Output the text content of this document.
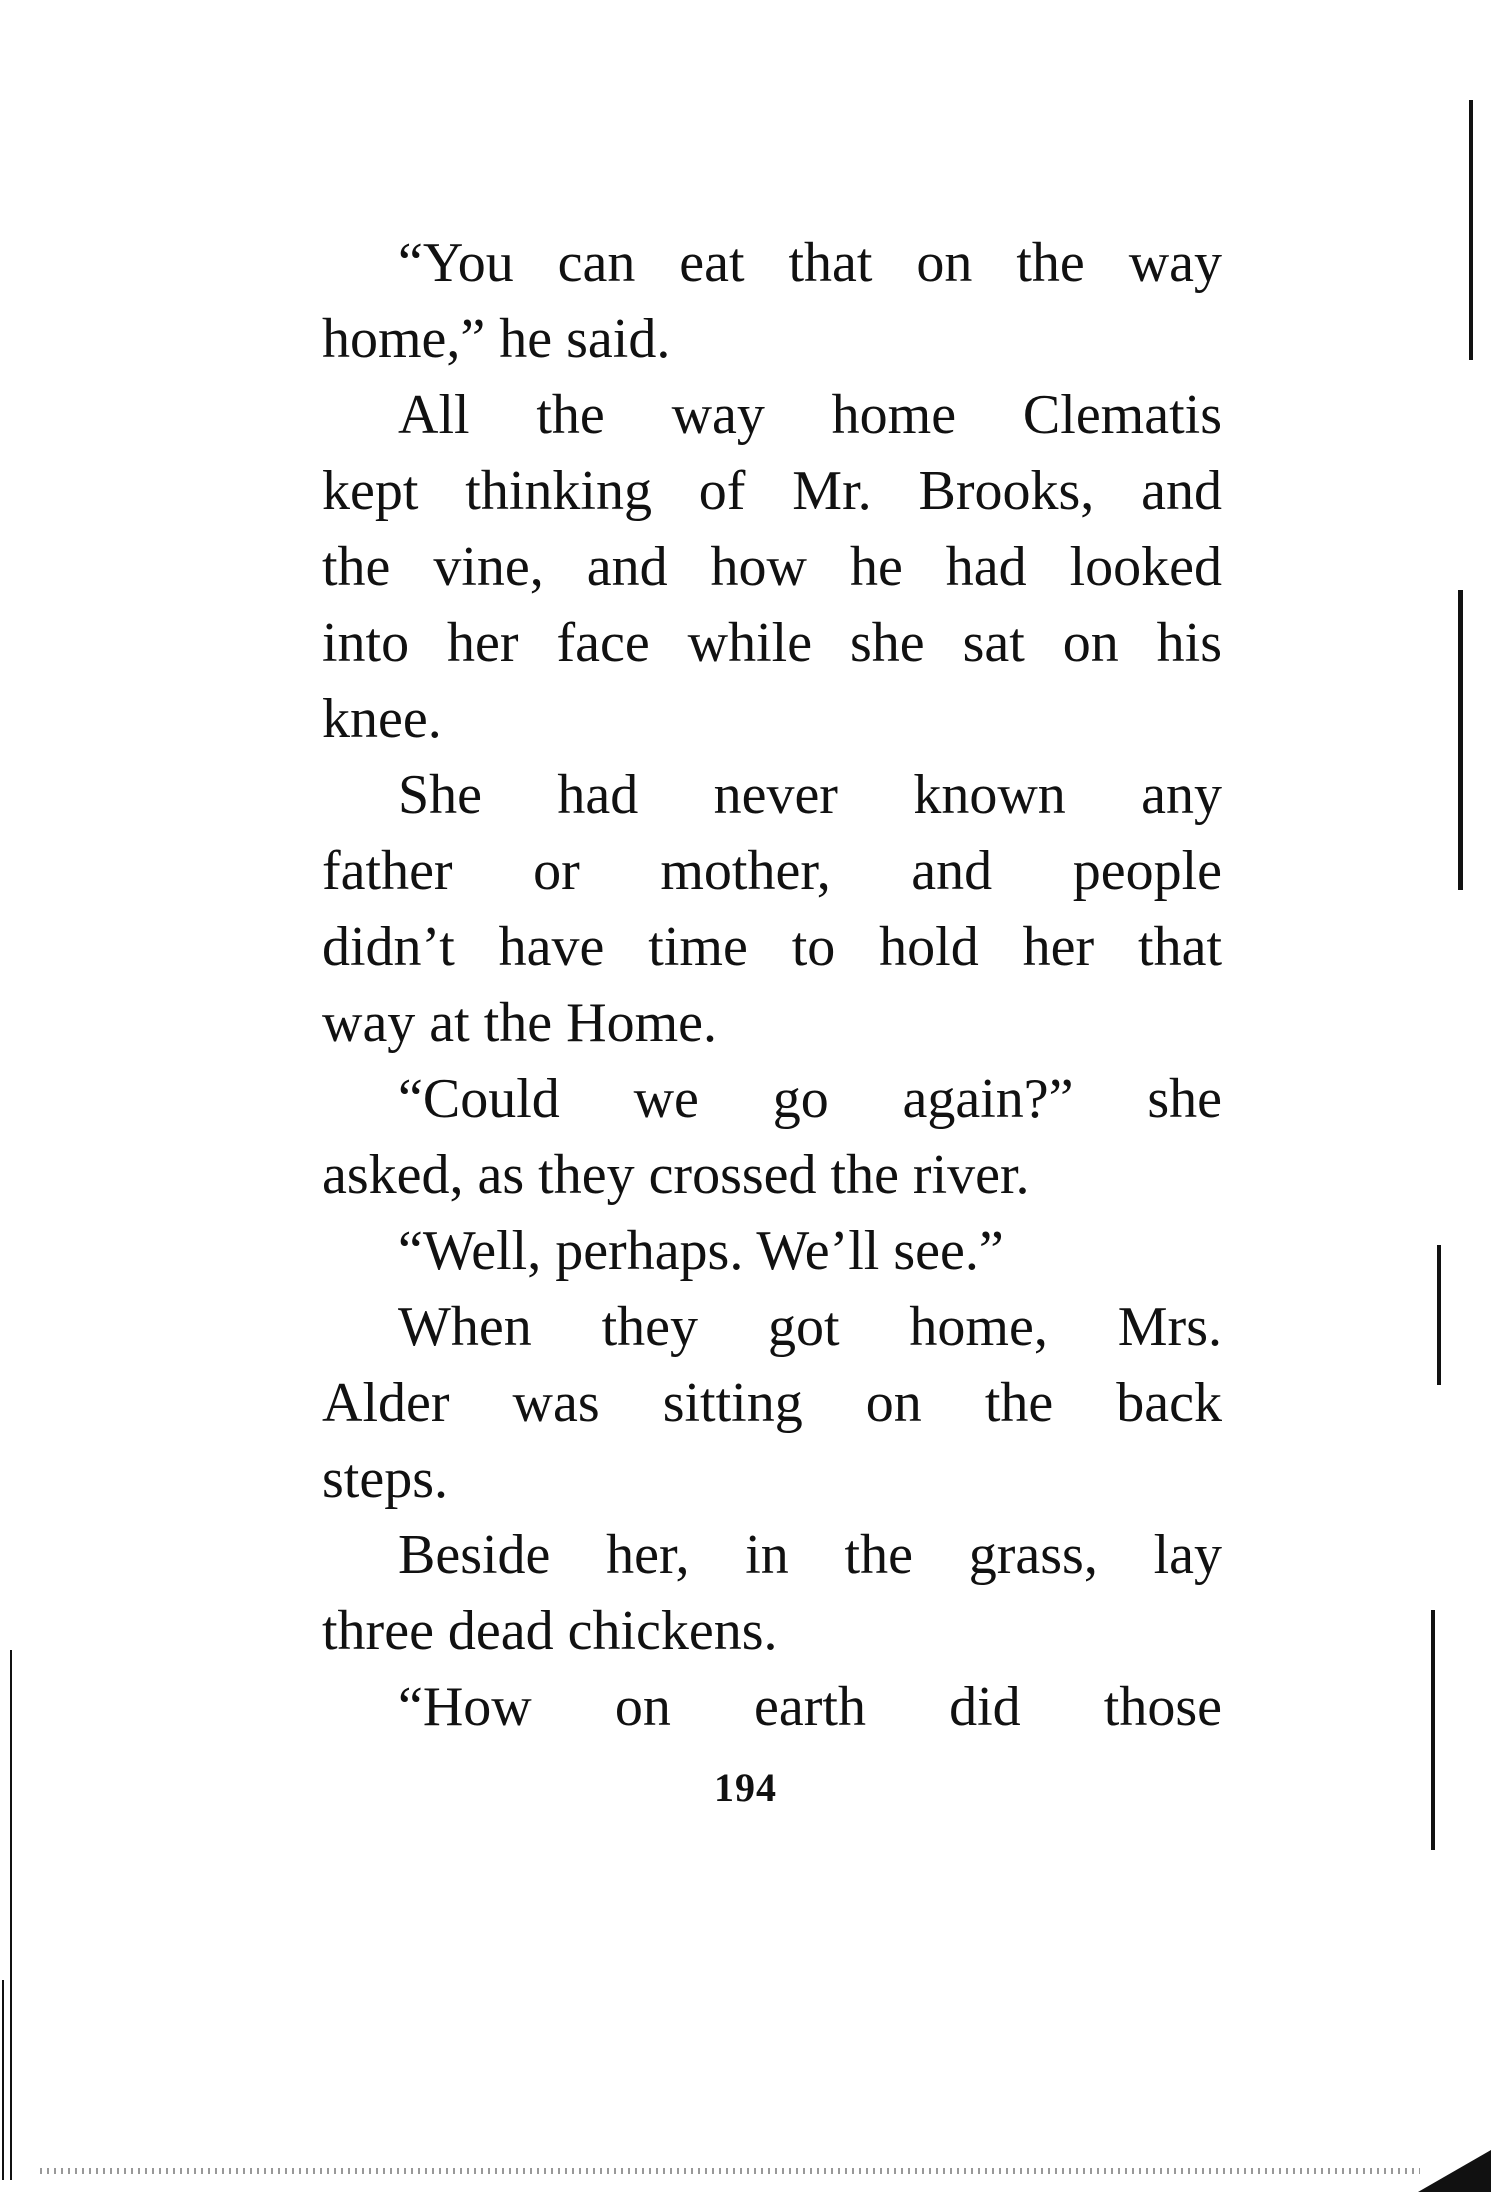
“You can eat that on the way
home,” he said.
All the way home Clematis
kept thinking of Mr. Brooks, and
the vine, and how he had looked
into her face while she sat on his
knee.
She had never known any
father or mother, and people
didn’t have time to hold her that
way at the Home.
“Could we go again?” she
asked, as they crossed the river.
“Well, perhaps. We’ll see.”
When they got home, Mrs.
Alder was sitting on the back
steps.
Beside her, in the grass, lay
three dead chickens.
“How on earth did those
194
